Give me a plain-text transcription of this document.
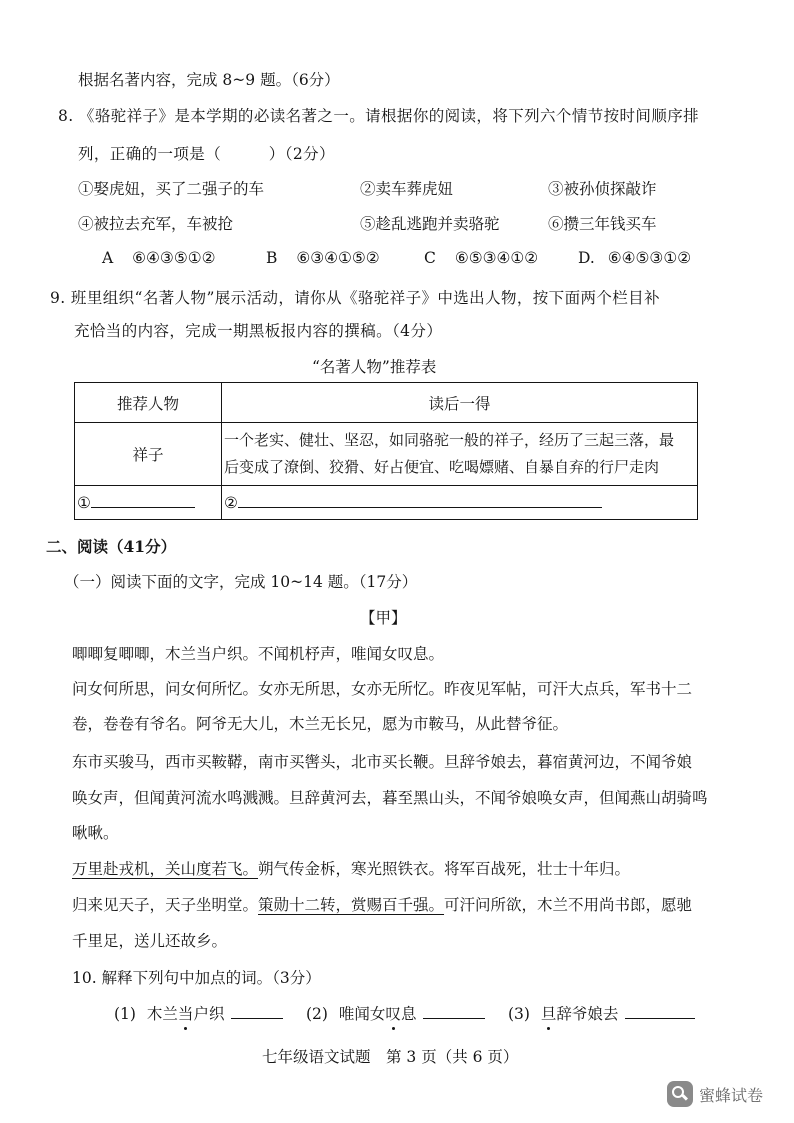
根据名著内容，完成 8~9 题。（6分）
8. 《骆驼祥子》是本学期的必读名著之一。请根据你的阅读，将下列六个情节按时间顺序排
列，正确的一项是（　　　）（2分）
①娶虎妞，买了二强子的车	②卖车葬虎妞	③被孙侦探敲诈
④被拉去充军，车被抢	⑤趁乱逃跑并卖骆驼	⑥攒三年钱买车
A ⑥④③⑤①②	B ⑥③④①⑤②	C ⑥⑤③④①②	D. ⑥④⑤③①②
9. 班里组织“名著人物”展示活动，请你从《骆驼祥子》中选出人物，按下面两个栏目补
充恰当的内容，完成一期黑板报内容的撰稿。（4分）
“名著人物”推荐表
推荐人物	读后一得
祥子	一个老实、健壮、坚忍，如同骆驼一般的祥子，经历了三起三落，最
后变成了潦倒、狡猾、好占便宜、吃喝嫖赌、自暴自弃的行尸走肉

①	②
二、阅读（41分）
（一）阅读下面的文字，完成 10~14 题。（17分）
【甲】
唧唧复唧唧，木兰当户织。不闻机杼声，唯闻女叹息。
问女何所思，问女何所忆。女亦无所思，女亦无所忆。昨夜见军帖，可汗大点兵，军书十二
卷，卷卷有爷名。阿爷无大儿，木兰无长兄，愿为市鞍马，从此替爷征。
东市买骏马，西市买鞍鞯，南市买辔头，北市买长鞭。旦辞爷娘去，暮宿黄河边，不闻爷娘
唤女声，但闻黄河流水鸣溅溅。旦辞黄河去，暮至黑山头，不闻爷娘唤女声，但闻燕山胡骑鸣
啾啾。
万里赴戎机，关山度若飞。朔气传金柝，寒光照铁衣。将军百战死，壮士十年归。
归来见天子，天子坐明堂。策勋十二转，赏赐百千强。可汗问所欲，木兰不用尚书郎，愿驰
千里足，送儿还故乡。
10. 解释下列句中加点的词。（3分）
(1) 木兰当户织	(2) 唯闻女叹息	(3) 旦辞爷娘去
七年级语文试题　第 3 页（共 6 页）
蜜蜂试卷
